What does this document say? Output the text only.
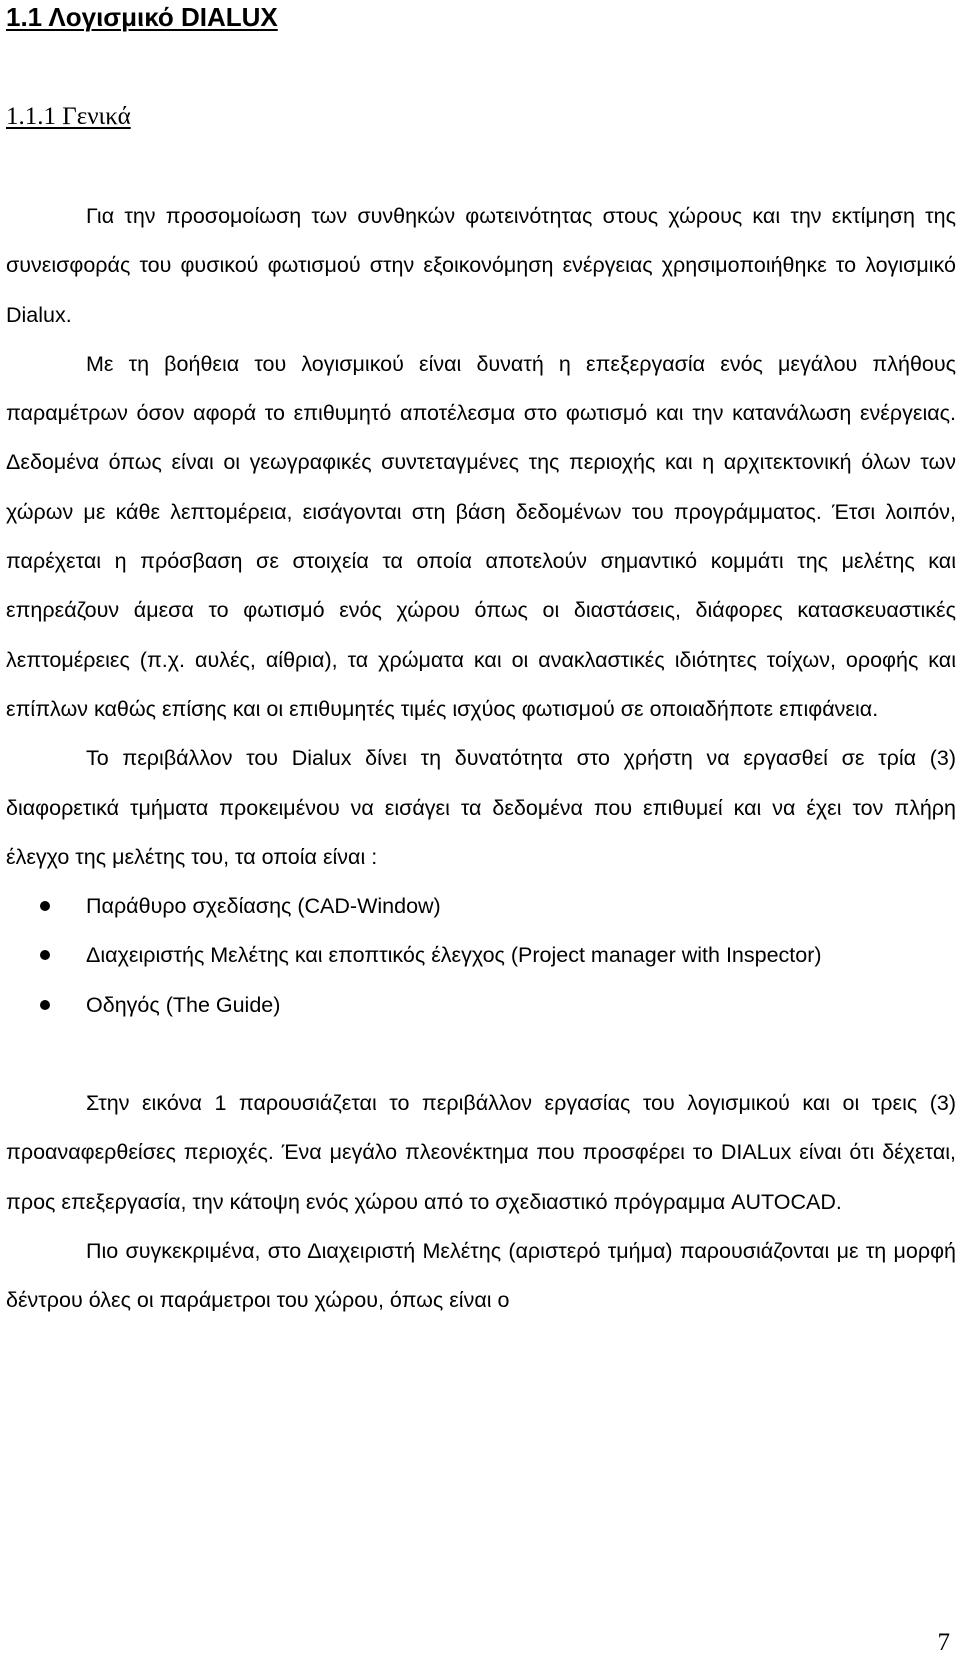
1.1 Λογισμικό DIALUX
1.1.1 Γενικά

Για την προσομοίωση των συνθηκών φωτεινότητας στους χώρους και την εκτίμηση της συνεισφοράς του φυσικού φωτισμού στην εξοικονόμηση ενέργειας χρησιμοποιήθηκε το λογισμικό Dialux.

Με τη βοήθεια του λογισμικού είναι δυνατή η επεξεργασία ενός μεγάλου πλήθους παραμέτρων όσον αφορά το επιθυμητό αποτέλεσμα στο φωτισμό και την κατανάλωση ενέργειας. Δεδομένα όπως είναι οι γεωγραφικές συντεταγμένες της περιοχής και η αρχιτεκτονική όλων των χώρων με κάθε λεπτομέρεια, εισάγονται στη βάση δεδομένων του προγράμματος. Έτσι λοιπόν, παρέχεται η πρόσβαση σε στοιχεία τα οποία αποτελούν σημαντικό κομμάτι της μελέτης και επηρεάζουν άμεσα το φωτισμό ενός χώρου όπως οι διαστάσεις, διάφορες κατασκευαστικές λεπτομέρειες (π.χ. αυλές, αίθρια), τα χρώματα και οι ανακλαστικές ιδιότητες τοίχων, οροφής και επίπλων καθώς επίσης και οι επιθυμητές τιμές ισχύος φωτισμού σε οποιαδήποτε επιφάνεια.

Το περιβάλλον του Dialux δίνει τη δυνατότητα στο χρήστη να εργασθεί σε τρία (3) διαφορετικά τμήματα προκειμένου να εισάγει τα δεδομένα που επιθυμεί και να έχει τον πλήρη έλεγχο της μελέτης του, τα οποία είναι :

Παράθυρο σχεδίασης (CAD-Window)
Διαχειριστής Μελέτης και εποπτικός έλεγχος (Project manager with Inspector)
Οδηγός (The Guide)

Στην εικόνα 1 παρουσιάζεται το περιβάλλον εργασίας του λογισμικού και οι τρεις (3) προαναφερθείσες περιοχές. Ένα μεγάλο πλεονέκτημα που προσφέρει το DIALux είναι ότι δέχεται, προς επεξεργασία, την κάτοψη ενός χώρου από το σχεδιαστικό πρόγραμμα AUTOCAD.

Πιο συγκεκριμένα, στο Διαχειριστή Μελέτης (αριστερό τμήμα) παρουσιάζονται με τη μορφή δέντρου όλες οι παράμετροι του χώρου, όπως είναι ο

7
